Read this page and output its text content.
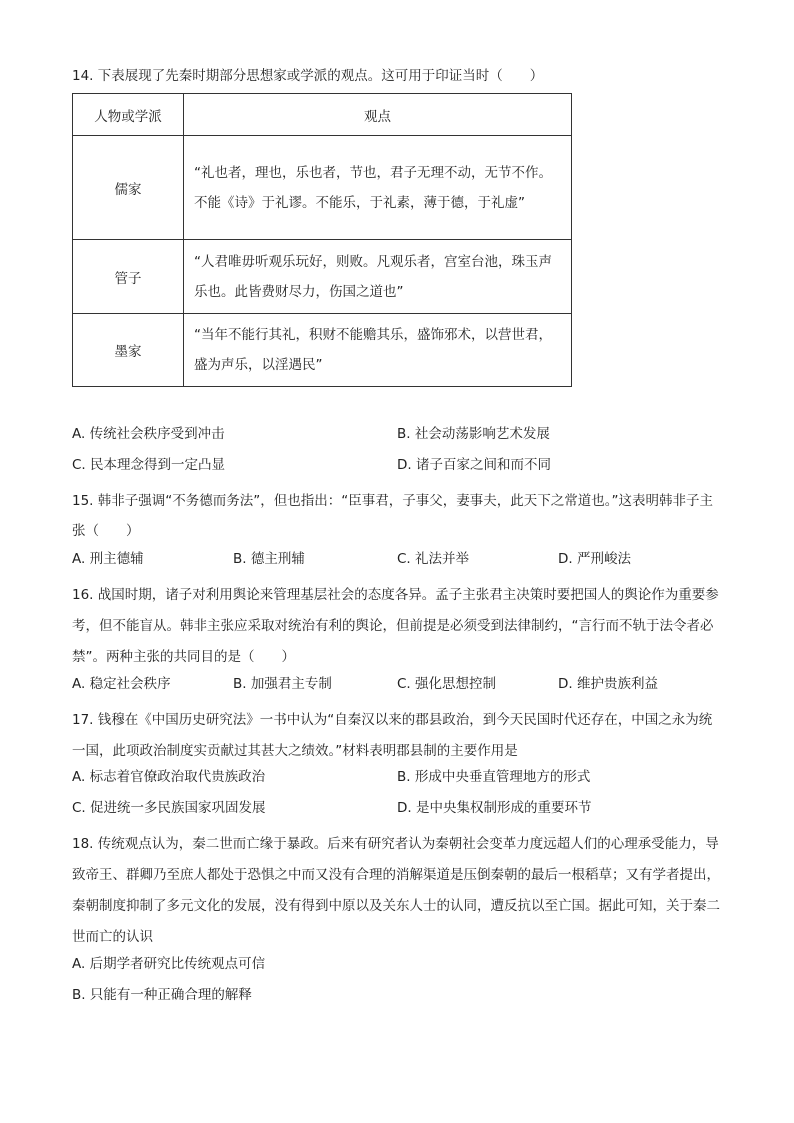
14. 下表展现了先秦时期部分思想家或学派的观点。这可用于印证当时（　　）
人物或学派	观点
儒家	“礼也者，理也，乐也者，节也，君子无理不动，无节不作。不能《诗》于礼谬。不能乐，于礼素，薄于德，于礼虚”
管子	“人君唯毋听观乐玩好，则败。凡观乐者，宫室台池，珠玉声乐也。此皆费财尽力，伤国之道也”
墨家	“当年不能行其礼，积财不能赡其乐，盛饰邪术，以营世君，盛为声乐，以淫遇民”
A. 传统社会秩序受到冲击	B. 社会动荡影响艺术发展
C. 民本理念得到一定凸显	D. 诸子百家之间和而不同
15. 韩非子强调“不务德而务法”，但也指出：“臣事君，子事父，妻事夫，此天下之常道也。”这表明韩非子主张（　　）
A. 刑主德辅	B. 德主刑辅	C. 礼法并举	D. 严刑峻法
16. 战国时期，诸子对利用舆论来管理基层社会的态度各异。孟子主张君主决策时要把国人的舆论作为重要参考，但不能盲从。韩非主张应采取对统治有利的舆论，但前提是必须受到法律制约，“言行而不轨于法令者必禁”。两种主张的共同目的是（　　）
A. 稳定社会秩序	B. 加强君主专制	C. 强化思想控制	D. 维护贵族利益
17. 钱穆在《中国历史研究法》一书中认为“自秦汉以来的郡县政治，到今天民国时代还存在，中国之永为统一国，此项政治制度实贡献过其甚大之绩效。”材料表明郡县制的主要作用是
A. 标志着官僚政治取代贵族政治	B. 形成中央垂直管理地方的形式
C. 促进统一多民族国家巩固发展	D. 是中央集权制形成的重要环节
18. 传统观点认为，秦二世而亡缘于暴政。后来有研究者认为秦朝社会变革力度远超人们的心理承受能力，导致帝王、群卿乃至庶人都处于恐惧之中而又没有合理的消解渠道是压倒秦朝的最后一根稻草；又有学者提出，秦朝制度抑制了多元文化的发展，没有得到中原以及关东人士的认同，遭反抗以至亡国。据此可知，关于秦二世而亡的认识
A. 后期学者研究比传统观点可信
B. 只能有一种正确合理的解释
